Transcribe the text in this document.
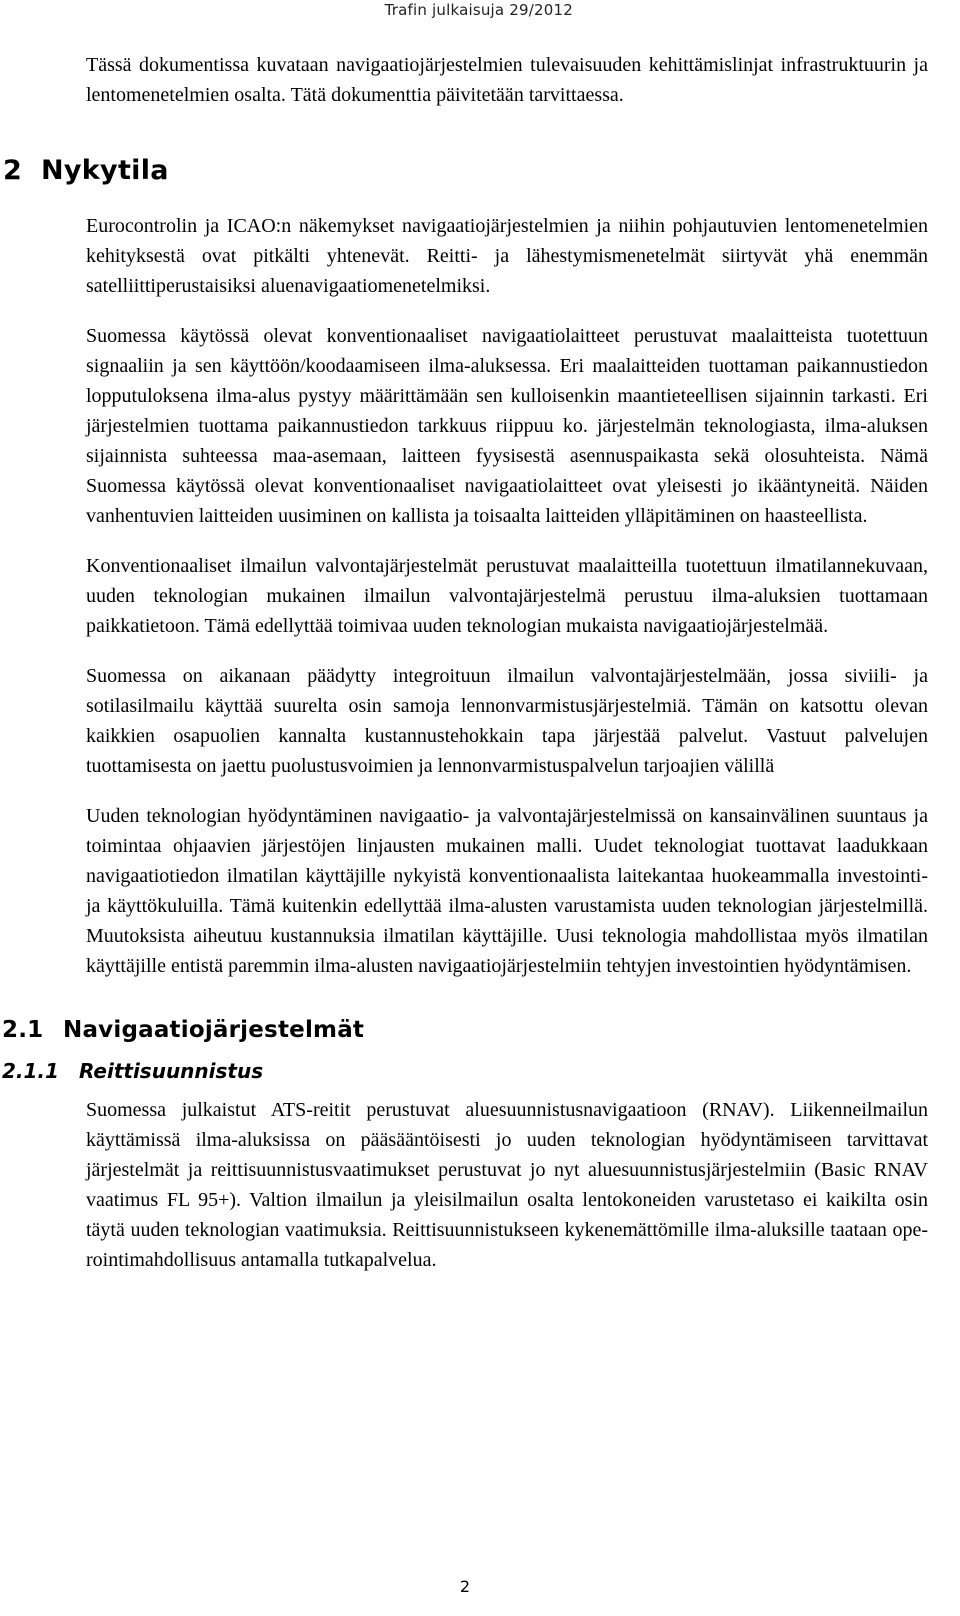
Trafin julkaisuja 29/2012

Tässä dokumentissa kuvataan navigaatiojärjestelmien tulevaisuuden kehittämislinjat infrastruktuurin ja lentomenetelmien osalta. Tätä dokumenttia päivitetään tarvittaessa.

2 Nykytila

Eurocontrolin ja ICAO:n näkemykset navigaatiojärjestelmien ja niihin pohjautuvien lentomenetelmien kehityksestä ovat pitkälti yhtenevät. Reitti- ja lähestymismenetelmät siirtyvät yhä enemmän satelliittiperustaisiksi aluenavigaatiomenetelmiksi.

Suomessa käytössä olevat konventionaaliset navigaatiolaitteet perustuvat maalaitteista tuotettuun signaaliin ja sen käyttöön/koodaamiseen ilma-aluksessa. Eri maalaitteiden tuottaman paikannustiedon lopputuloksena ilma-alus pystyy määrittämään sen kulloisenkin maantieteellisen sijainnin tarkasti. Eri järjestelmien tuottama paikannustiedon tarkkuus riippuu ko. järjestelmän teknologiasta, ilma-aluksen sijainnista suhteessa maa-asemaan, laitteen fyysisestä asennuspaikasta sekä olosuhteista. Nämä Suomessa käytössä olevat konventionaaliset navigaatiolaitteet ovat yleisesti jo ikääntyneitä. Näiden vanhentuvien laitteiden uusiminen on kallista ja toisaalta laitteiden ylläpitäminen on haasteellista.

Konventionaaliset ilmailun valvontajärjestelmät perustuvat maalaitteilla tuotettuun ilmatilannekuvaan, uuden teknologian mukainen ilmailun valvontajärjestelmä perustuu ilma-aluksien tuottamaan paikkatietoon. Tämä edellyttää toimivaa uuden teknologian mukaista navigaatiojärjestelmää.

Suomessa on aikanaan päädytty integroituun ilmailun valvontajärjestelmään, jossa siviili- ja sotilasilmailu käyttää suurelta osin samoja lennonvarmistusjärjestelmiä. Tämän on katsottu olevan kaikkien osapuolien kannalta kustannustehokkain tapa järjestää palvelut. Vastuut palvelujen tuottamisesta on jaettu puolustusvoimien ja lennonvarmistuspalvelun tarjoajien välillä

Uuden teknologian hyödyntäminen navigaatio- ja valvontajärjestelmissä on kansainvälinen suuntaus ja toimintaa ohjaavien järjestöjen linjausten mukainen malli. Uudet teknologiat tuottavat laadukkaan navigaatiotiedon ilmatilan käyttäjille nykyistä konventionaalista laitekantaa huokeammalla investointi- ja käyttökuluilla. Tämä kuitenkin edellyttää ilma-alusten varustamista uuden teknologian järjestelmillä. Muutoksista aiheutuu kustannuksia ilmatilan käyttäjille. Uusi teknologia mahdollistaa myös ilmatilan käyttäjille entistä paremmin ilma-alusten navigaatiojärjestelmiin tehtyjen investointien hyödyntämisen.

2.1 Navigaatiojärjestelmät
2.1.1 Reittisuunnistus

Suomessa julkaistut ATS-reitit perustuvat aluesuunnistusnavigaatioon (RNAV). Liikenneilmailun käyttämissä ilma-aluksissa on pääsääntöisesti jo uuden teknologian hyödyntämiseen tarvittavat järjestelmät ja reittisuunnistusvaatimukset perustuvat jo nyt aluesuunnistusjärjestelmiin (Basic RNAV vaatimus FL 95+). Valtion ilmailun ja yleisilmailun osalta lentokoneiden varustetaso ei kaikilta osin täytä uuden teknologian vaatimuksia. Reittisuunnistukseen kykenemättömille ilma-aluksille taataan operointimahdollisuus antamalla tutkapalvelua.

2
